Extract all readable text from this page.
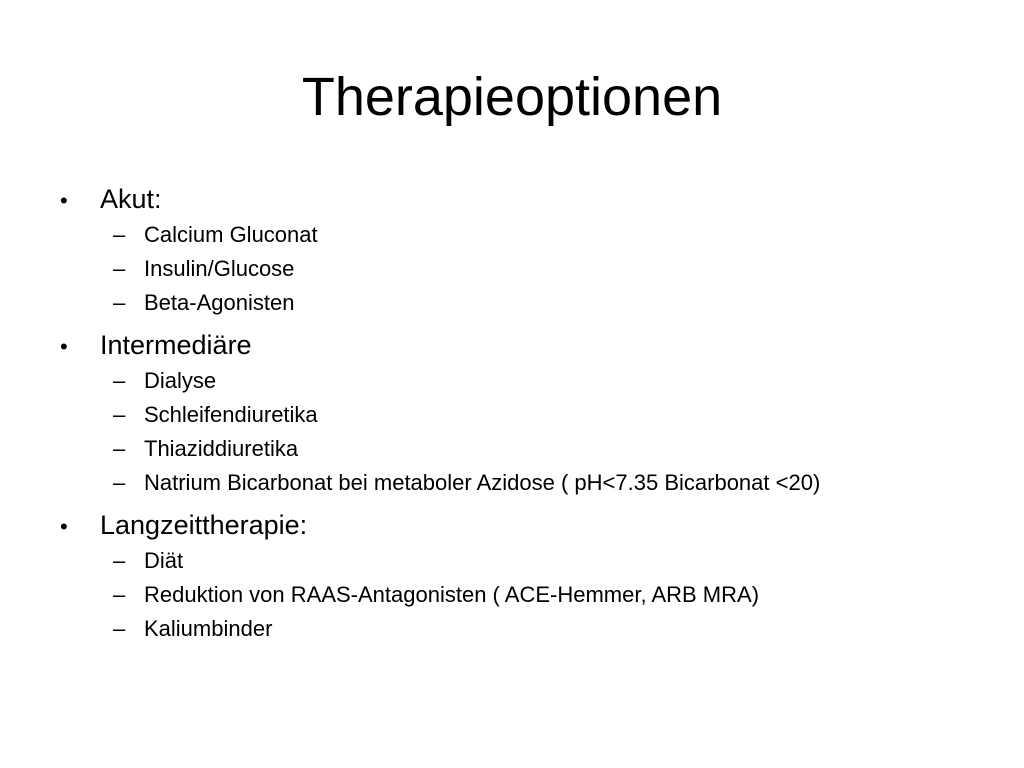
Therapieoptionen
•	Akut:
– Calcium Gluconat
– Insulin/Glucose
– Beta-Agonisten
•	Intermediäre
– Dialyse
– Schleifendiuretika
– Thiaziddiuretika
– Natrium Bicarbonat bei metaboler Azidose ( pH<7.35 Bicarbonat <20)
•	Langzeittherapie:
– Diät
– Reduktion von RAAS-Antagonisten ( ACE-Hemmer, ARB MRA)
– Kaliumbinder
